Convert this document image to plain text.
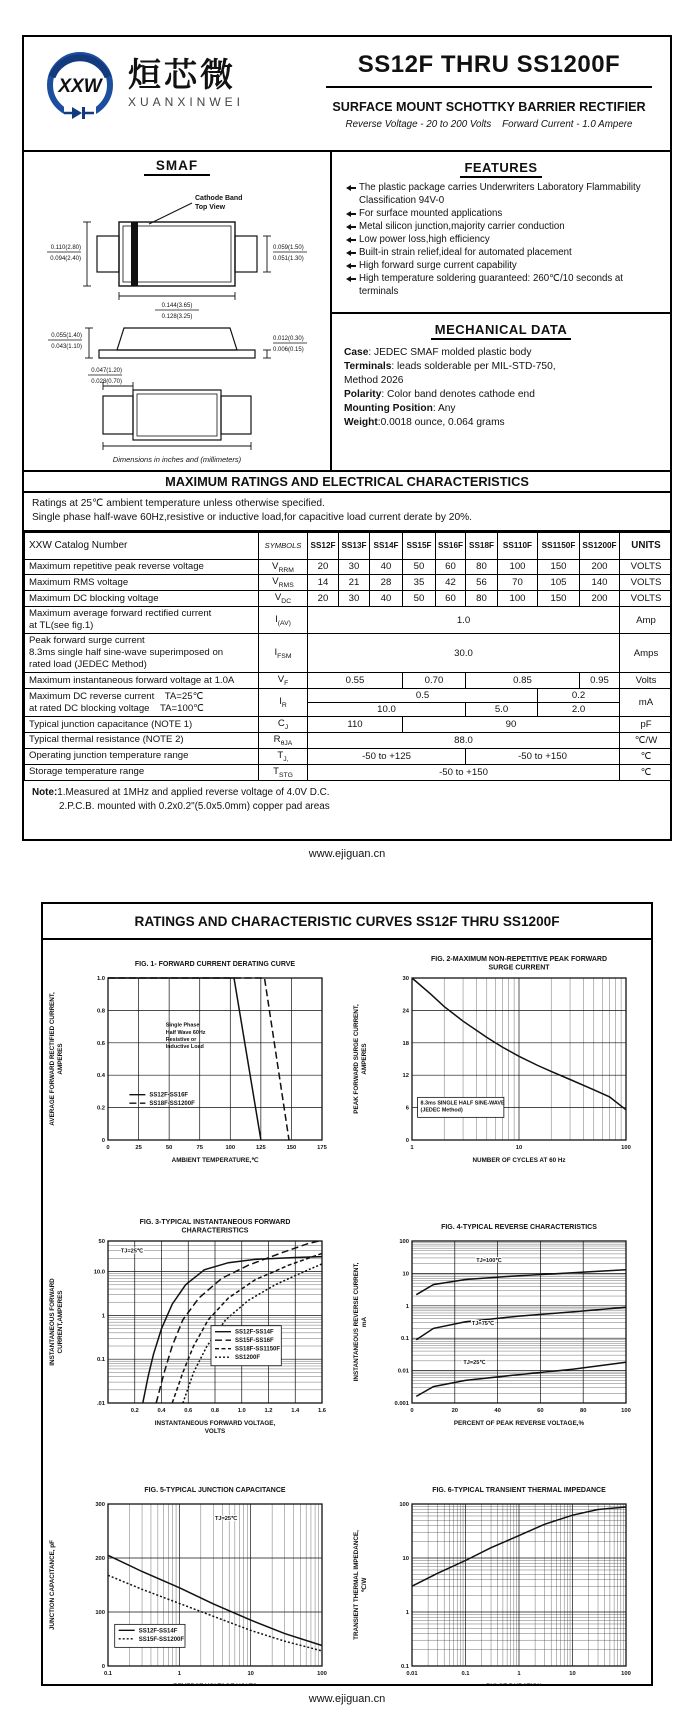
XXW 烜芯微
XUANXINWEI
SS12F THRU SS1200F
SURFACE MOUNT SCHOTTKY BARRIER RECTIFIER
Reverse Voltage - 20 to 200 Volts    Forward Current - 1.0 Ampere
SMAF

Cathode Band
Top View
0.110(2.80)
0.094(2.40)
0.059(1.50)
0.051(1.30)
0.144(3.65)
0.128(3.25)
0.055(1.40)
0.043(1.10)
0.012(0.30)
0.006(0.15)
0.047(1.20)
0.028(0.70)
Dimensions in inches and (millimeters)
FEATURES
The plastic package carries Underwriters Laboratory Flammability Classification 94V-0
For surface mounted applications
Metal silicon junction,majority carrier conduction
Low power loss,high efficiency
Built-in strain relief,ideal for automated placement
High forward surge current capability
High temperature soldering guaranteed: 260℃/10 seconds at terminals
MECHANICAL DATA
Case: JEDEC SMAF molded plastic body
Terminals: leads solderable per MIL-STD-750,
Method 2026
Polarity: Color band denotes cathode end
Mounting Position: Any
Weight:0.0018 ounce, 0.064 grams
MAXIMUM RATINGS AND ELECTRICAL CHARACTERISTICS
Ratings at 25℃ ambient temperature unless otherwise specified.
Single phase half-wave 60Hz,resistive or inductive load,for capacitive load current derate by 20%.
XXW Catalog Number	SYMBOLS	SS12F	SS13F	SS14F	SS15F	SS16F	SS18F	SS110F	SS1150F	SS1200F	UNITS

Maximum repetitive peak reverse voltage	$V_{RRM}$	20	30	40	50	60	80	100	150	200	VOLTS

Maximum RMS voltage	$V_{RMS}$	14	21	28	35	42	56	70	105	140	VOLTS

Maximum DC blocking voltage	$V_{DC}$	20	30	40	50	60	80	100	150	200	VOLTS

Maximum average forward rectified current
at TL(see fig.1)	$I_{(AV)}$	1.0									Amp

Peak forward surge current
8.3ms single half sine-wave superimposed on
rated load (JEDEC Method)	$I_{FSM}$	30.0									Amps

Maximum instantaneous forward voltage at 1.0A	$V_F$	0.55			0.70		0.85			0.95	Volts

Maximum DC reverse current    TA=25℃
at rated DC blocking voltage    TA=100℃	$I_R$	0.5							0.2		mA
		10.0					5.0		2.0		

Typical junction capacitance (NOTE 1)	$C_J$	110			90						pF

Typical thermal resistance (NOTE 2)	$R_{\theta JA}$	88.0									℃/W

Operating junction temperature range	$T_{J,}$	-50 to +125					-50 to +150				℃

Storage temperature range	$T_{STG}$	-50 to +150									℃
Note:1.Measured at 1MHz and applied reverse voltage of 4.0V D.C.
2.P.C.B. mounted with 0.2x0.2"(5.0x5.0mm) copper pad areas
www.ejiguan.cn
RATINGS AND CHARACTERISTIC CURVES SS12F THRU SS1200F
FIG. 1- FORWARD CURRENT DERATING CURVE
0	25	50	75	100	125	150	175
0
0.2
0.4
0.6
0.8
1.0
Single Phase
Half Wave 60Hz
Resistive or
Inductive Load
SS12F-SS16F
SS18F-SS1200F
AMBIENT TEMPERATURE,℃
AVERAGE FORWARD RECTIFIED CURRENT, AMPERES
FIG. 2-MAXIMUM NON-REPETITIVE PEAK FORWARD
SURGE CURRENT
1	10	100
0
6
12
18
24
30
8.3ms SINGLE HALF SINE-WAVE
(JEDEC Method)
NUMBER OF CYCLES AT 60 Hz
PEAK FORWARD SURGE CURRENT, AMPERES
FIG. 3-TYPICAL INSTANTANEOUS FORWARD
CHARACTERISTICS
0.2	0.4	0.6	0.8	1.0	1.2	1.4	1.6
.01
0.1
1
10.0
50
TJ=25℃
SS12F-SS14F
SS15F-SS16F
SS18F-SS1150F
SS1200F
INSTANTANEOUS FORWARD VOLTAGE,
VOLTS
INSTANTANEOUS FORWARD CURRENT,AMPERES
FIG. 4-TYPICAL REVERSE CHARACTERISTICS
0	20	40	60	80	100
0.001
0.01
0.1
1
10
100
TJ=100℃
TJ=75℃
TJ=25℃
PERCENT OF PEAK REVERSE VOLTAGE,%
INSTANTANEOUS REVERSE CURRENT, mA
FIG. 5-TYPICAL JUNCTION CAPACITANCE
0.1	1	10	100
0
100
200
300
TJ=25℃
SS12F-SS14F
SS15F-SS1200F
JUNCTION CAPACITANCE, pF
FIG. 6-TYPICAL TRANSIENT THERMAL IMPEDANCE
0.01	0.1	1	10	100
0.1
1
10
100
TRANSIENT THERMAL IMPEDANCE, ℃/W
www.ejiguan.cn
